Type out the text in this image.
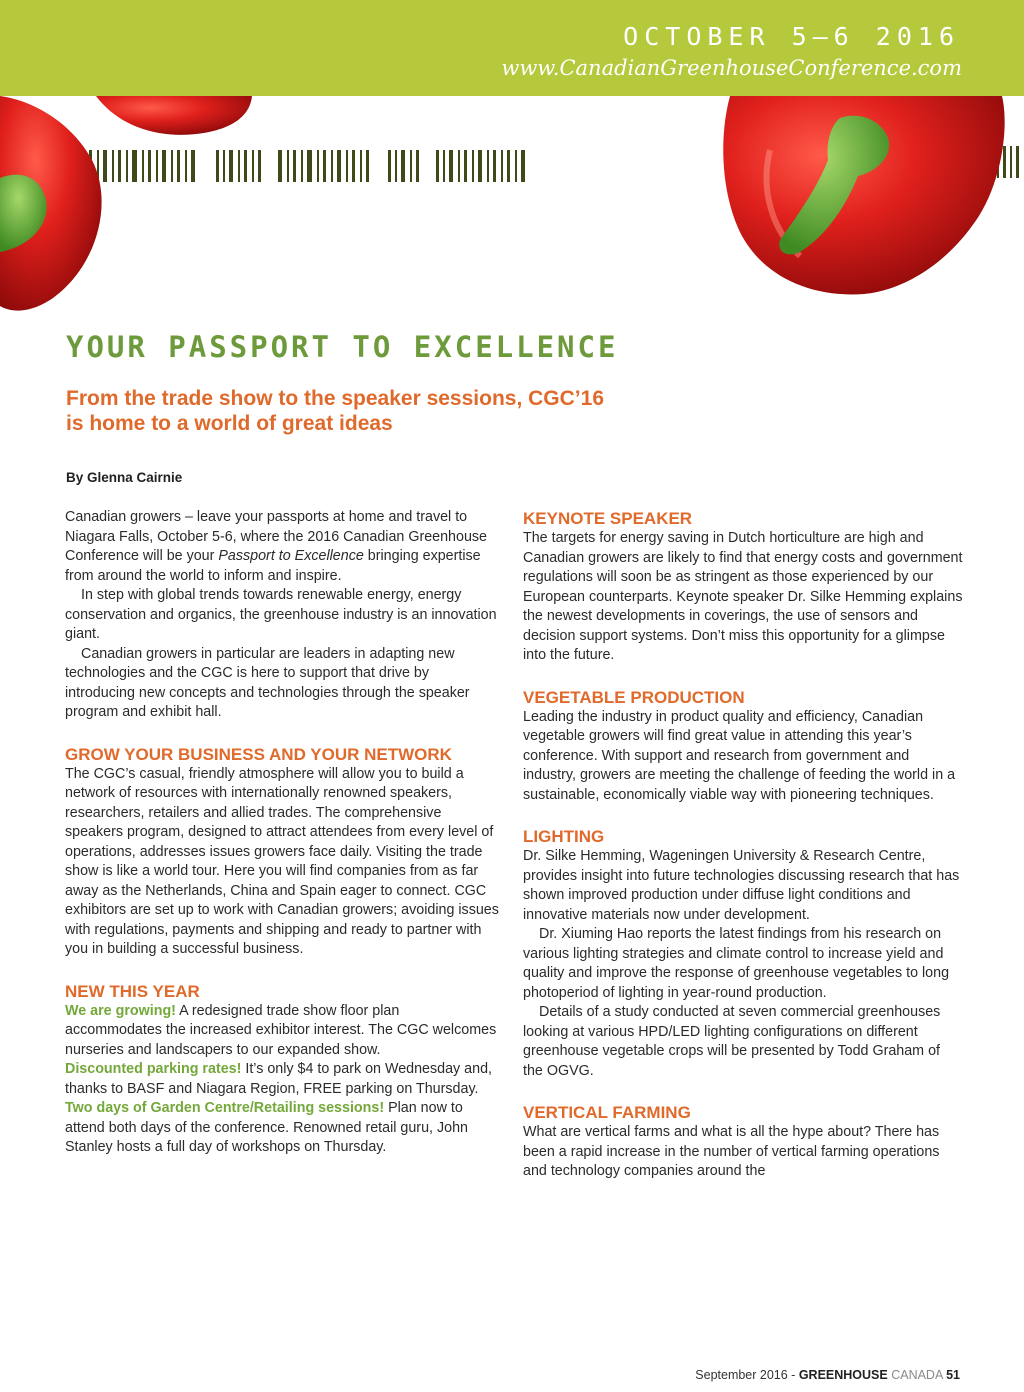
OCTOBER 5–6 2016
www.CanadianGreenhouseConference.com
YOUR PASSPORT TO EXCELLENCE
From the trade show to the speaker sessions, CGC’16 is home to a world of great ideas

By Glenna Cairnie

Canadian growers – leave your passports at home and travel to Niagara Falls, October 5-6, where the 2016 Canadian Greenhouse Conference will be your Passport to Excellence bringing expertise from around the world to inform and inspire.

In step with global trends towards renewable energy, energy conservation and organics, the greenhouse industry is an innovation giant.

Canadian growers in particular are leaders in adapting new technologies and the CGC is here to support that drive by introducing new concepts and technologies through the speaker program and exhibit hall.

GROW YOUR BUSINESS AND YOUR NETWORK

The CGC’s casual, friendly atmosphere will allow you to build a network of resources with internationally renowned speakers, researchers, retailers and allied trades. The comprehensive speakers program, designed to attract attendees from every level of operations, addresses issues growers face daily. Visiting the trade show is like a world tour. Here you will find companies from as far away as the Netherlands, China and Spain eager to connect. CGC exhibitors are set up to work with Canadian growers; avoiding issues with regulations, payments and shipping and ready to partner with you in building a successful business.

NEW THIS YEAR

We are growing! A redesigned trade show floor plan accommodates the increased exhibitor interest. The CGC welcomes nurseries and landscapers to our expanded show.

Discounted parking rates! It’s only $4 to park on Wednesday and, thanks to BASF and Niagara Region, FREE parking on Thursday.

Two days of Garden Centre/Retailing sessions! Plan now to attend both days of the conference. Renowned retail guru, John Stanley hosts a full day of workshops on Thursday.

KEYNOTE SPEAKER

The targets for energy saving in Dutch horticulture are high and Canadian growers are likely to find that energy costs and government regulations will soon be as stringent as those experienced by our European counterparts. Keynote speaker Dr. Silke Hemming explains the newest developments in coverings, the use of sensors and decision support systems. Don’t miss this opportunity for a glimpse into the future.

VEGETABLE PRODUCTION

Leading the industry in product quality and efficiency, Canadian vegetable growers will find great value in attending this year’s conference. With support and research from government and industry, growers are meeting the challenge of feeding the world in a sustainable, economically viable way with pioneering techniques.

LIGHTING

Dr. Silke Hemming, Wageningen University & Research Centre, provides insight into future technologies discussing research that has shown improved production under diffuse light conditions and innovative materials now under development.

Dr. Xiuming Hao reports the latest findings from his research on various lighting strategies and climate control to increase yield and quality and improve the response of greenhouse vegetables to long photoperiod of lighting in year-round production.

Details of a study conducted at seven commercial greenhouses looking at various HPD/LED lighting configurations on different greenhouse vegetable crops will be presented by Todd Graham of the OGVG.

VERTICAL FARMING

What are vertical farms and what is all the hype about? There has been a rapid increase in the number of vertical farming operations and technology companies around the

September 2016 - GREENHOUSE CANADA 51
